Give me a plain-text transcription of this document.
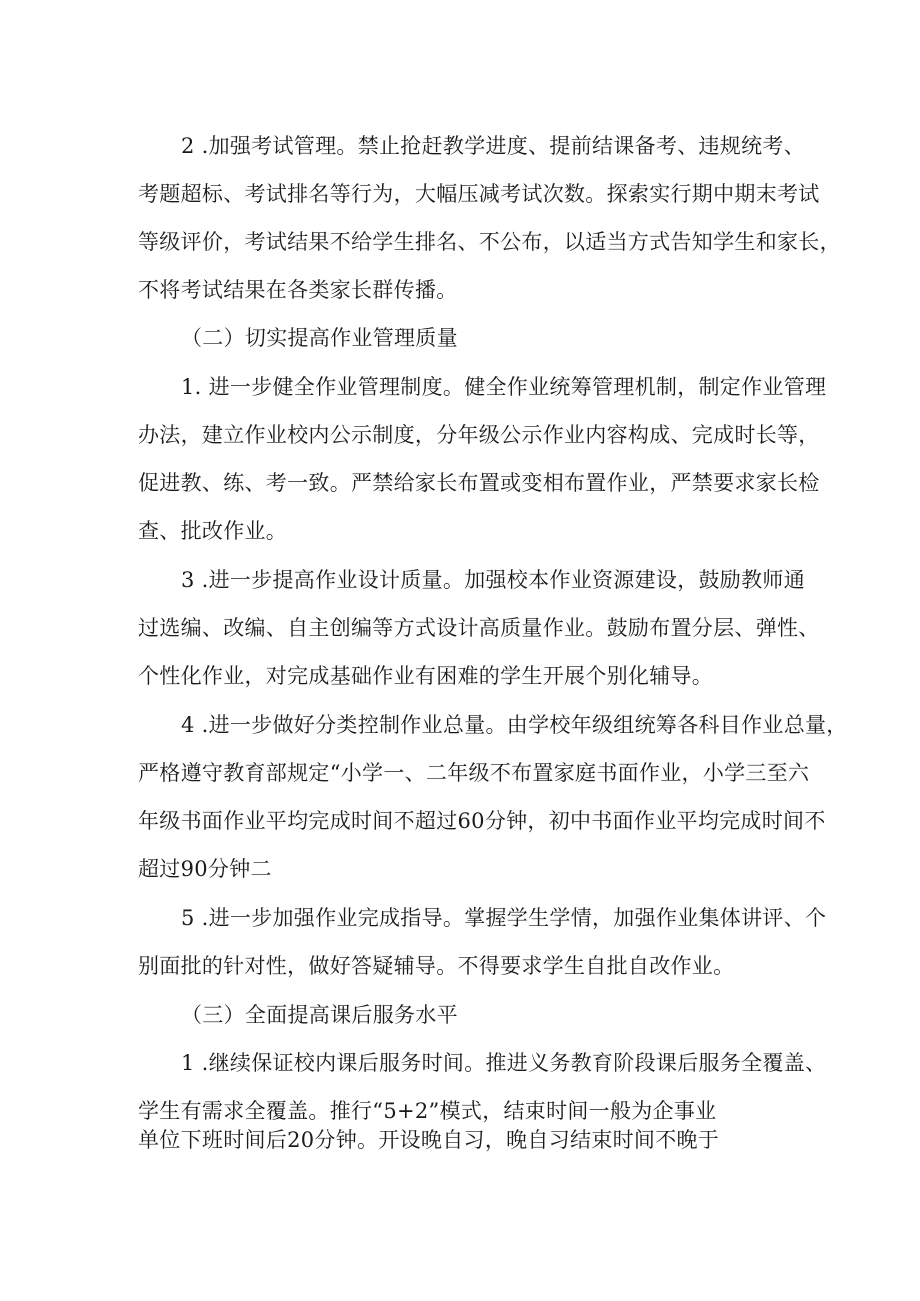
2 .加强考试管理。禁止抢赶教学进度、提前结课备考、违规统考、
考题超标、考试排名等行为，大幅压减考试次数。探索实行期中期末考试
等级评价，考试结果不给学生排名、不公布，以适当方式告知学生和家长，
不将考试结果在各类家长群传播。
（二）切实提高作业管理质量
1. 进一步健全作业管理制度。健全作业统筹管理机制，制定作业管理
办法，建立作业校内公示制度，分年级公示作业内容构成、完成时长等，
促进教、练、考一致。严禁给家长布置或变相布置作业，严禁要求家长检
查、批改作业。
3 .进一步提高作业设计质量。加强校本作业资源建设，鼓励教师通
过选编、改编、自主创编等方式设计高质量作业。鼓励布置分层、弹性、
个性化作业，对完成基础作业有困难的学生开展个别化辅导。
4 .进一步做好分类控制作业总量。由学校年级组统筹各科目作业总量，
严格遵守教育部规定“小学一、二年级不布置家庭书面作业，小学三至六
年级书面作业平均完成时间不超过60分钟，初中书面作业平均完成时间不
超过90分钟二
5 .进一步加强作业完成指导。掌握学生学情，加强作业集体讲评、个
别面批的针对性，做好答疑辅导。不得要求学生自批自改作业。
（三）全面提高课后服务水平
1 .继续保证校内课后服务时间。推进义务教育阶段课后服务全覆盖、
学生有需求全覆盖。推行“5+2”模式，结束时间一般为企事业
单位下班时间后20分钟。开设晚自习，晚自习结束时间不晚于
